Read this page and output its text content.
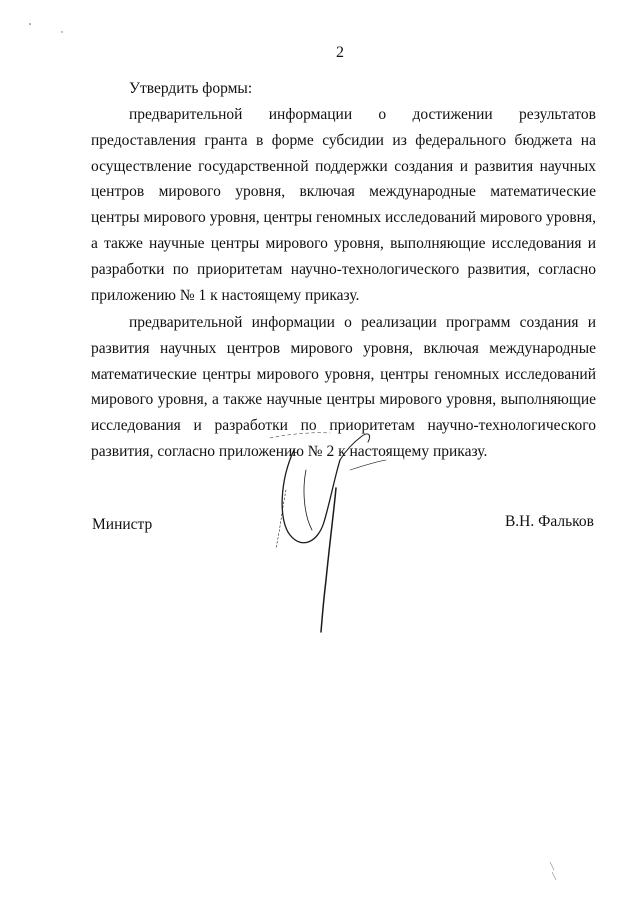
2

Утвердить формы:

предварительной информации о достижении результатов предоставления гранта в форме субсидии из федерального бюджета на осуществление государственной поддержки создания и развития научных центров мирового уровня, включая международные математические центры мирового уровня, центры геномных исследований мирового уровня, а также научные центры мирового уровня, выполняющие исследования и разработки по приоритетам научно-технологического развития, согласно приложению № 1 к настоящему приказу.

предварительной информации о реализации программ создания и развития научных центров мирового уровня, включая международные математические центры мирового уровня, центры геномных исследований мирового уровня, а также научные центры мирового уровня, выполняющие исследования и разработки по приоритетам научно-технологического развития, согласно приложению № 2 к настоящему приказу.

Министр	В.Н. Фальков
